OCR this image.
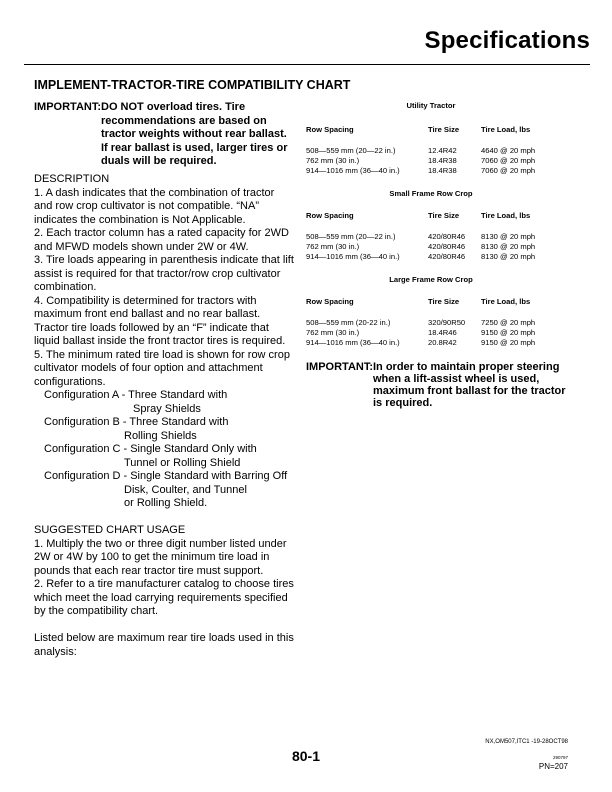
Specifications
IMPLEMENT-TRACTOR-TIRE COMPATIBILITY CHART
IMPORTANT: DO NOT overload tires. Tire
recommendations are based on
tractor weights without rear ballast.
If rear ballast is used, larger tires or
duals will be required.

DESCRIPTION

1. A dash indicates that the combination of tractor

and row crop cultivator is not compatible. “NA”

indicates the combination is Not Applicable.

2. Each tractor column has a rated capacity for 2WD

and MFWD models shown under 2W or 4W.

3. Tire loads appearing in parenthesis indicate that lift

assist is required for that tractor/row crop cultivator

combination.

4. Compatibility is determined for tractors with

maximum front end ballast and no rear ballast.

Tractor tire loads followed by an “F” indicate that

liquid ballast inside the front tractor tires is required.

5. The minimum rated tire load is shown for row crop

cultivator models of four option and attachment

configurations.

Configuration A - Three Standard with
Spray Shields

Configuration B - Three Standard with
Rolling Shields

Configuration C - Single Standard Only with
Tunnel or Rolling Shield

Configuration D - Single Standard with Barring Off
Disk, Coulter, and Tunnel
or Rolling Shield.

SUGGESTED CHART USAGE

1. Multiply the two or three digit number listed under

2W or 4W by 100 to get the minimum tire load in

pounds that each rear tractor tire must support.

2. Refer to a tire manufacturer catalog to choose tires

which meet the load carrying requirements specified

by the compatibility chart.

Listed below are maximum rear tire loads used in this

analysis:

Utility Tractor
Row Spacing	Tire Size	Tire Load, lbs
508—559 mm (20—22 in.)	12.4R42	4640 @ 20 mph
762 mm (30 in.)	18.4R38	7060 @ 20 mph
914—1016 mm (36—40 in.)	18.4R38	7060 @ 20 mph
Small Frame Row Crop
Row Spacing	Tire Size	Tire Load, lbs
508—559 mm (20—22 in.)	420/80R46 8130 @ 20 mph
762 mm (30 in.)	420/80R46 8130 @ 20 mph
914—1016 mm (36—40 in.)	420/80R46 8130 @ 20 mph
Large Frame Row Crop
Row Spacing	Tire Size	Tire Load, lbs
508—559 mm (20-22 in.)	320/90R50 7250 @ 20 mph
762 mm (30 in.)	18.4R46	9150 @ 20 mph
914—1016 mm (36—40 in.)	20.8R42	9150 @ 20 mph
IMPORTANT: In order to maintain proper steering
when a lift-assist wheel is used,
maximum front ballast for the tractor
is required.
NX,OM507,ITC1 -19-28OCT98
80-1	290797
PN=207
